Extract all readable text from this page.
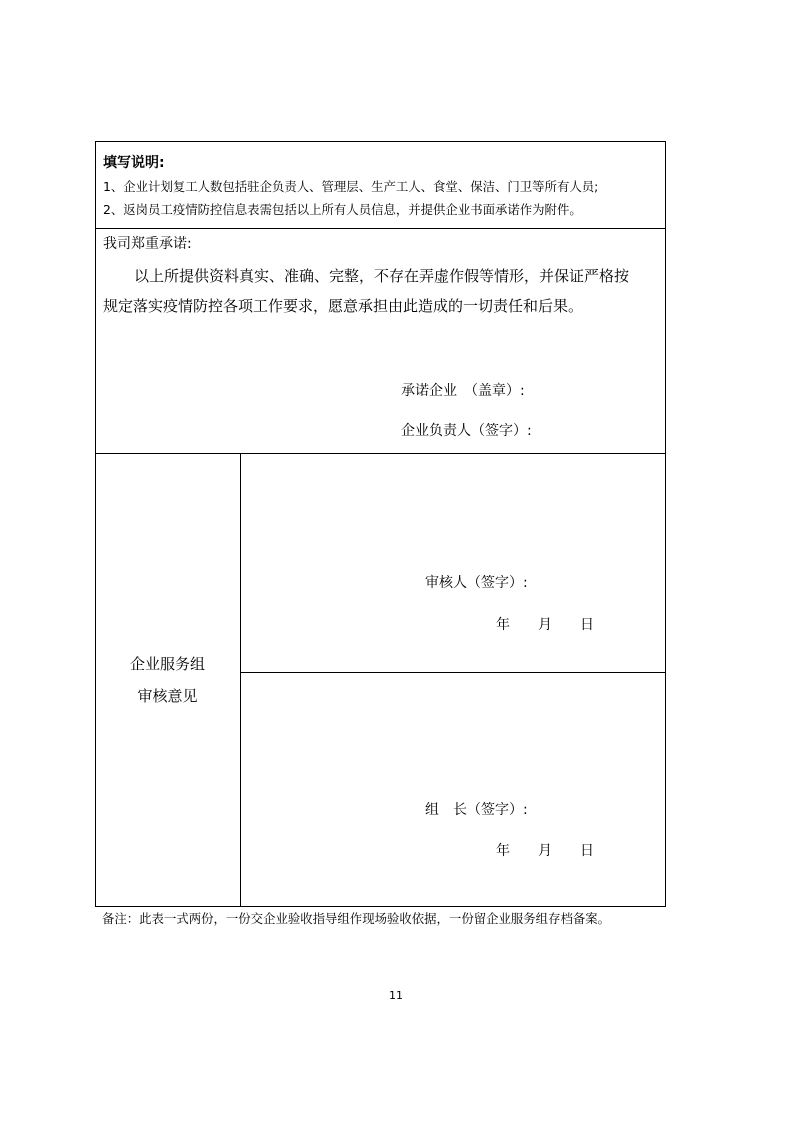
填写说明:
1、企业计划复工人数包括驻企负责人、管理层、生产工人、食堂、保洁、门卫等所有人员;
2、返岗员工疫情防控信息表需包括以上所有人员信息，并提供企业书面承诺作为附件。
我司郑重承诺:
以上所提供资料真实、准确、完整，不存在弄虚作假等情形，并保证严格按
规定落实疫情防控各项工作要求，愿意承担由此造成的一切责任和后果。
承诺企业　（盖章）:
企业负责人（签字）:
企业服务组
审核意见
审核人（签字）:
年　　月　　日
组　长（签字）:
年　　月　　日
备注：此表一式两份，一份交企业验收指导组作现场验收依据，一份留企业服务组存档备案。
11
